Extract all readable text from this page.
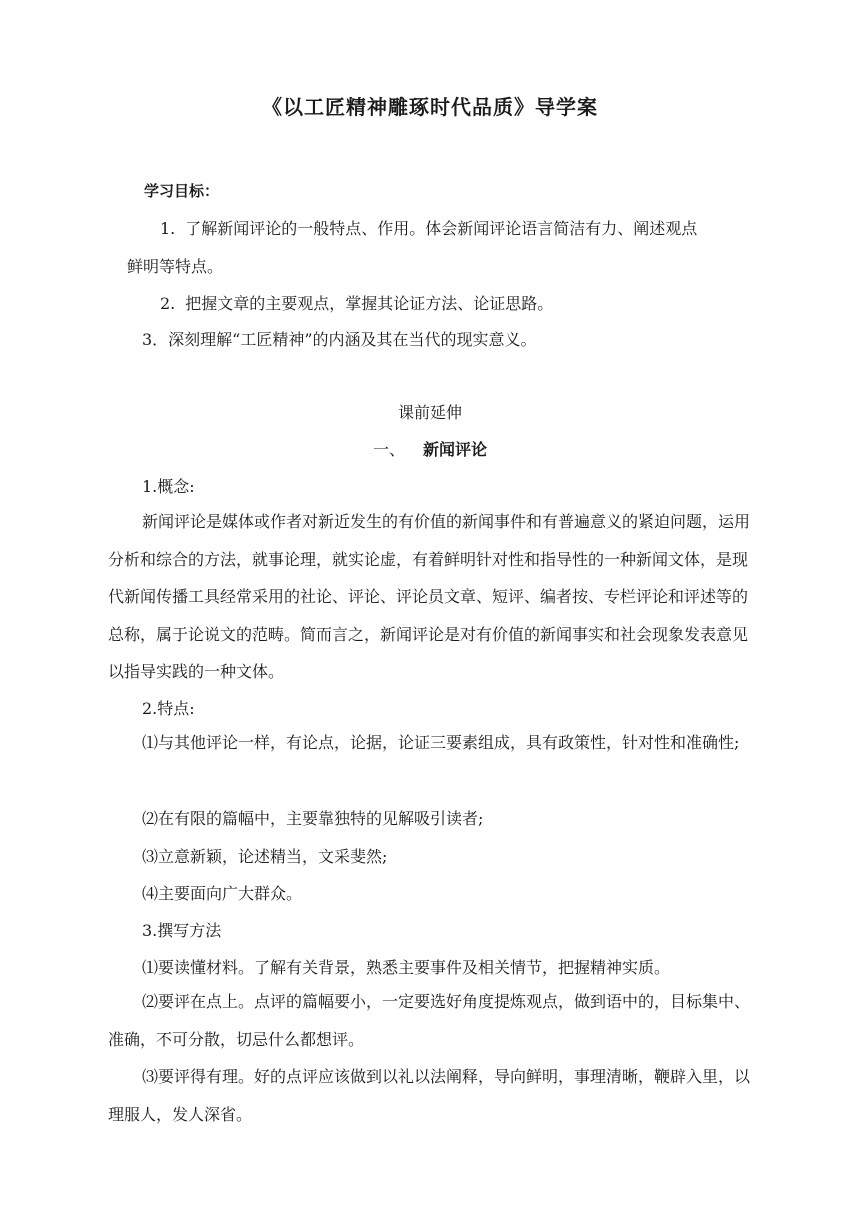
《以工匠精神雕琢时代品质》导学案
学习目标：
1. 了解新闻评论的一般特点、作用。体会新闻评论语言简洁有力、阐述观点
鲜明等特点。
2. 把握文章的主要观点，掌握其论证方法、论证思路。
3．深刻理解“工匠精神”的内涵及其在当代的现实意义。
课前延伸
一、 新闻评论
1.概念:
新闻评论是媒体或作者对新近发生的有价值的新闻事件和有普遍意义的紧迫问题，运用分析和综合的方法，就事论理，就实论虚，有着鲜明针对性和指导性的一种新闻文体，是现代新闻传播工具经常采用的社论、评论、评论员文章、短评、编者按、专栏评论和评述等的总称，属于论说文的范畴。简而言之，新闻评论是对有价值的新闻事实和社会现象发表意见以指导实践的一种文体。
2.特点:
⑴与其他评论一样，有论点，论据，论证三要素组成，具有政策性，针对性和准确性;
⑵在有限的篇幅中，主要靠独特的见解吸引读者;
⑶立意新颖，论述精当，文采斐然;
⑷主要面向广大群众。
3.撰写方法
⑴要读懂材料。了解有关背景，熟悉主要事件及相关情节，把握精神实质。
⑵要评在点上。点评的篇幅要小，一定要选好角度提炼观点，做到语中的，目标集中、准确，不可分散，切忌什么都想评。
⑶要评得有理。好的点评应该做到以礼以法阐释，导向鲜明，事理清晰，鞭辟入里，以理服人，发人深省。
